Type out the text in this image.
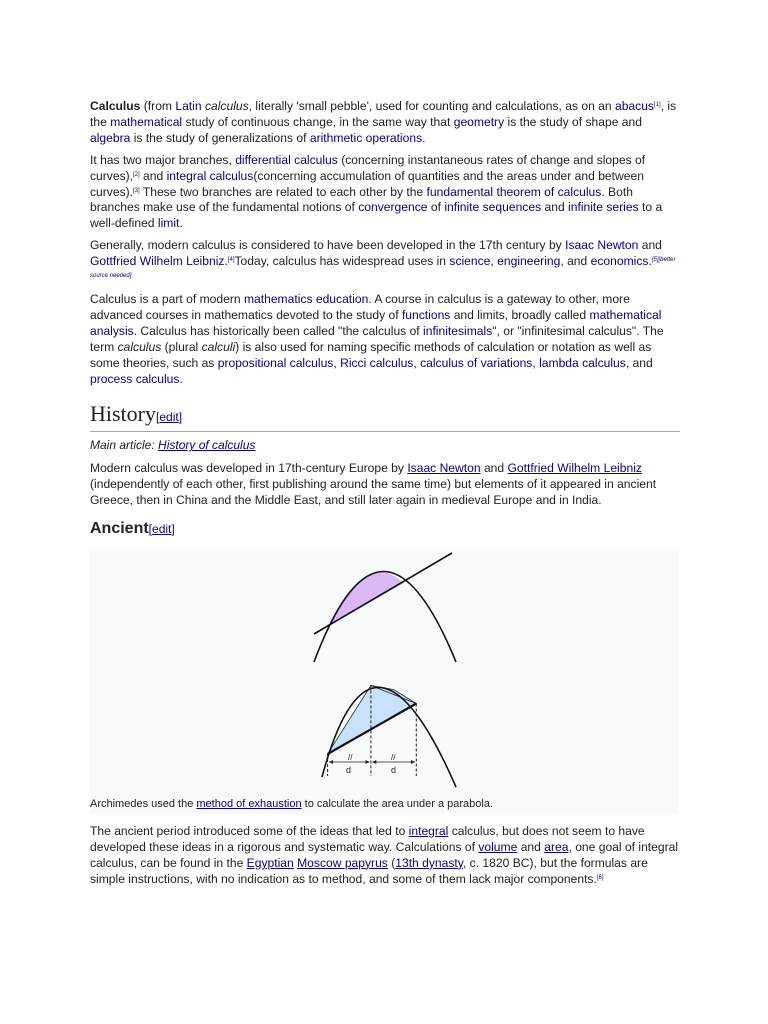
Calculus (from Latin calculus, literally 'small pebble', used for counting and calculations, as on an abacus[1], is the mathematical study of continuous change, in the same way that geometry is the study of shape and algebra is the study of generalizations of arithmetic operations.

It has two major branches, differential calculus (concerning instantaneous rates of change and slopes of curves),[2] and integral calculus(concerning accumulation of quantities and the areas under and between curves).[3] These two branches are related to each other by the fundamental theorem of calculus. Both branches make use of the fundamental notions of convergence of infinite sequences and infinite series to a well-defined limit.

Generally, modern calculus is considered to have been developed in the 17th century by Isaac Newton and Gottfried Wilhelm Leibniz.[4]Today, calculus has widespread uses in science, engineering, and economics.[5][better source needed]

Calculus is a part of modern mathematics education. A course in calculus is a gateway to other, more advanced courses in mathematics devoted to the study of functions and limits, broadly called mathematical analysis. Calculus has historically been called "the calculus of infinitesimals", or "infinitesimal calculus". The term calculus (plural calculi) is also used for naming specific methods of calculation or notation as well as some theories, such as propositional calculus, Ricci calculus, calculus of variations, lambda calculus, and process calculus.

History[edit]
Main article: History of calculus

Modern calculus was developed in 17th-century Europe by Isaac Newton and Gottfried Wilhelm Leibniz (independently of each other, first publishing around the same time) but elements of it appeared in ancient Greece, then in China and the Middle East, and still later again in medieval Europe and in India.

Ancient[edit]
//	//
d	d
Archimedes used the method of exhaustion to calculate the area under a parabola.

The ancient period introduced some of the ideas that led to integral calculus, but does not seem to have developed these ideas in a rigorous and systematic way. Calculations of volume and area, one goal of integral calculus, can be found in the Egyptian Moscow papyrus (13th dynasty, c. 1820 BC), but the formulas are simple instructions, with no indication as to method, and some of them lack major components.[6]
